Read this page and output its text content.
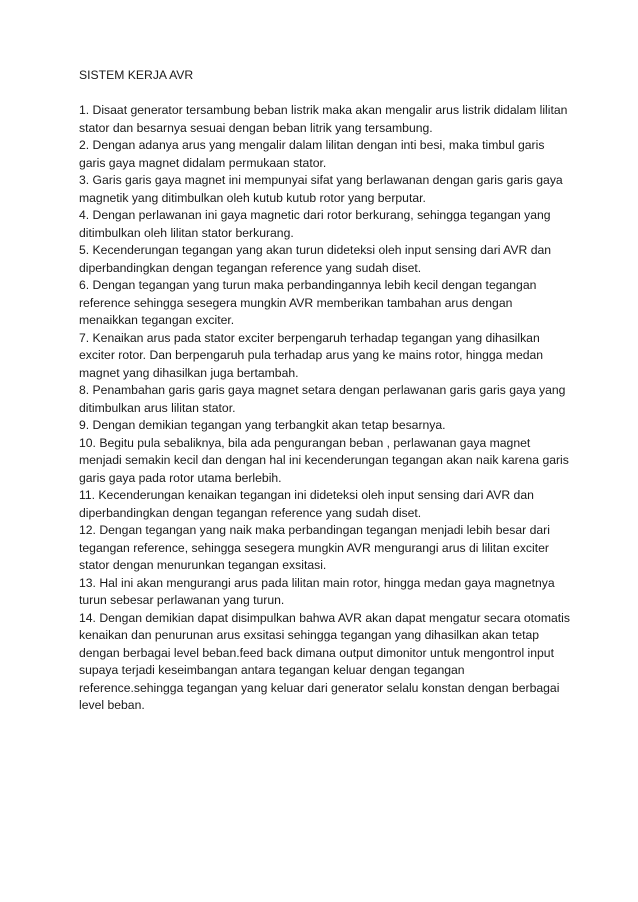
SISTEM KERJA AVR

1. Disaat generator tersambung beban listrik maka akan mengalir arus listrik didalam lilitan stator dan besarnya sesuai dengan beban litrik yang tersambung.

2. Dengan adanya arus yang mengalir dalam lilitan dengan inti besi, maka timbul garis garis gaya magnet didalam permukaan stator.

3. Garis garis gaya magnet ini mempunyai sifat yang berlawanan dengan garis garis gaya magnetik yang ditimbulkan oleh kutub kutub rotor yang berputar.

4. Dengan perlawanan ini gaya magnetic dari rotor berkurang, sehingga tegangan yang ditimbulkan oleh lilitan stator berkurang.

5. Kecenderungan tegangan yang akan turun dideteksi oleh input sensing dari AVR dan diperbandingkan dengan tegangan reference yang sudah diset.

6. Dengan tegangan yang turun maka perbandingannya lebih kecil dengan tegangan reference sehingga sesegera mungkin AVR memberikan tambahan arus dengan menaikkan tegangan exciter.

7. Kenaikan arus pada stator exciter berpengaruh terhadap tegangan yang dihasilkan exciter rotor. Dan berpengaruh pula terhadap arus yang ke mains rotor, hingga medan magnet yang dihasilkan juga bertambah.

8. Penambahan garis garis gaya magnet setara dengan perlawanan garis garis gaya yang ditimbulkan arus lilitan stator.

9. Dengan demikian tegangan yang terbangkit akan tetap besarnya.

10. Begitu pula sebaliknya, bila ada pengurangan beban , perlawanan gaya magnet menjadi semakin kecil dan dengan hal ini kecenderungan tegangan akan naik karena garis garis gaya pada rotor utama berlebih.

11. Kecenderungan kenaikan tegangan ini dideteksi oleh input sensing dari AVR dan diperbandingkan dengan tegangan reference yang sudah diset.

12. Dengan tegangan yang naik maka perbandingan tegangan menjadi lebih besar dari tegangan reference, sehingga sesegera mungkin AVR mengurangi arus di lilitan exciter stator dengan menurunkan tegangan exsitasi.

13. Hal ini akan mengurangi arus pada lilitan main rotor, hingga medan gaya magnetnya turun sebesar perlawanan yang turun.

14. Dengan demikian dapat disimpulkan bahwa AVR akan dapat mengatur secara otomatis kenaikan dan penurunan arus exsitasi sehingga tegangan yang dihasilkan akan tetap dengan berbagai level beban.feed back dimana output dimonitor untuk mengontrol input supaya terjadi keseimbangan antara tegangan keluar dengan tegangan reference.sehingga tegangan yang keluar dari generator selalu konstan dengan berbagai level beban.
